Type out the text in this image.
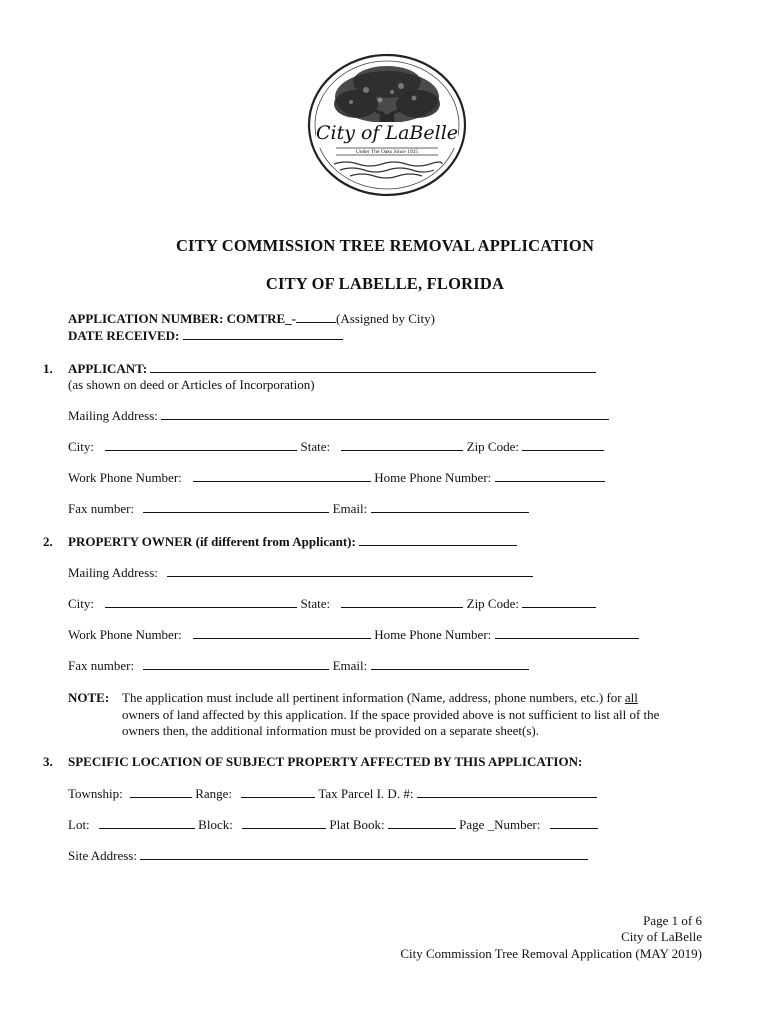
City of LaBelle
Under The Oaks Since 1925
CITY COMMISSION TREE REMOVAL APPLICATION
CITY OF LABELLE, FLORIDA
APPLICATION NUMBER: COMTRE_-	(Assigned by City)
DATE RECEIVED:
1. APPLICANT:
(as shown on deed or Articles of Incorporation)
Mailing Address:
City:	State:	Zip Code:
Work Phone Number:	Home Phone Number:
Fax number:	Email:
2. PROPERTY OWNER (if different from Applicant):
Mailing Address:
City:	State:	Zip Code:
Work Phone Number:	Home Phone Number:
Fax number:	Email:
NOTE: The application must include all pertinent information (Name, address, phone numbers, etc.) for all
owners of land affected by this application. If the space provided above is not sufficient to list all of the
owners then, the additional information must be provided on a separate sheet(s).
3. SPECIFIC LOCATION OF SUBJECT PROPERTY AFFECTED BY THIS APPLICATION:
Township:	Range:	Tax Parcel I. D. #:
Lot:	Block:	Plat Book:	Page _Number:
Site Address:
Page 1 of 6
City of LaBelle
City Commission Tree Removal Application (MAY 2019)
